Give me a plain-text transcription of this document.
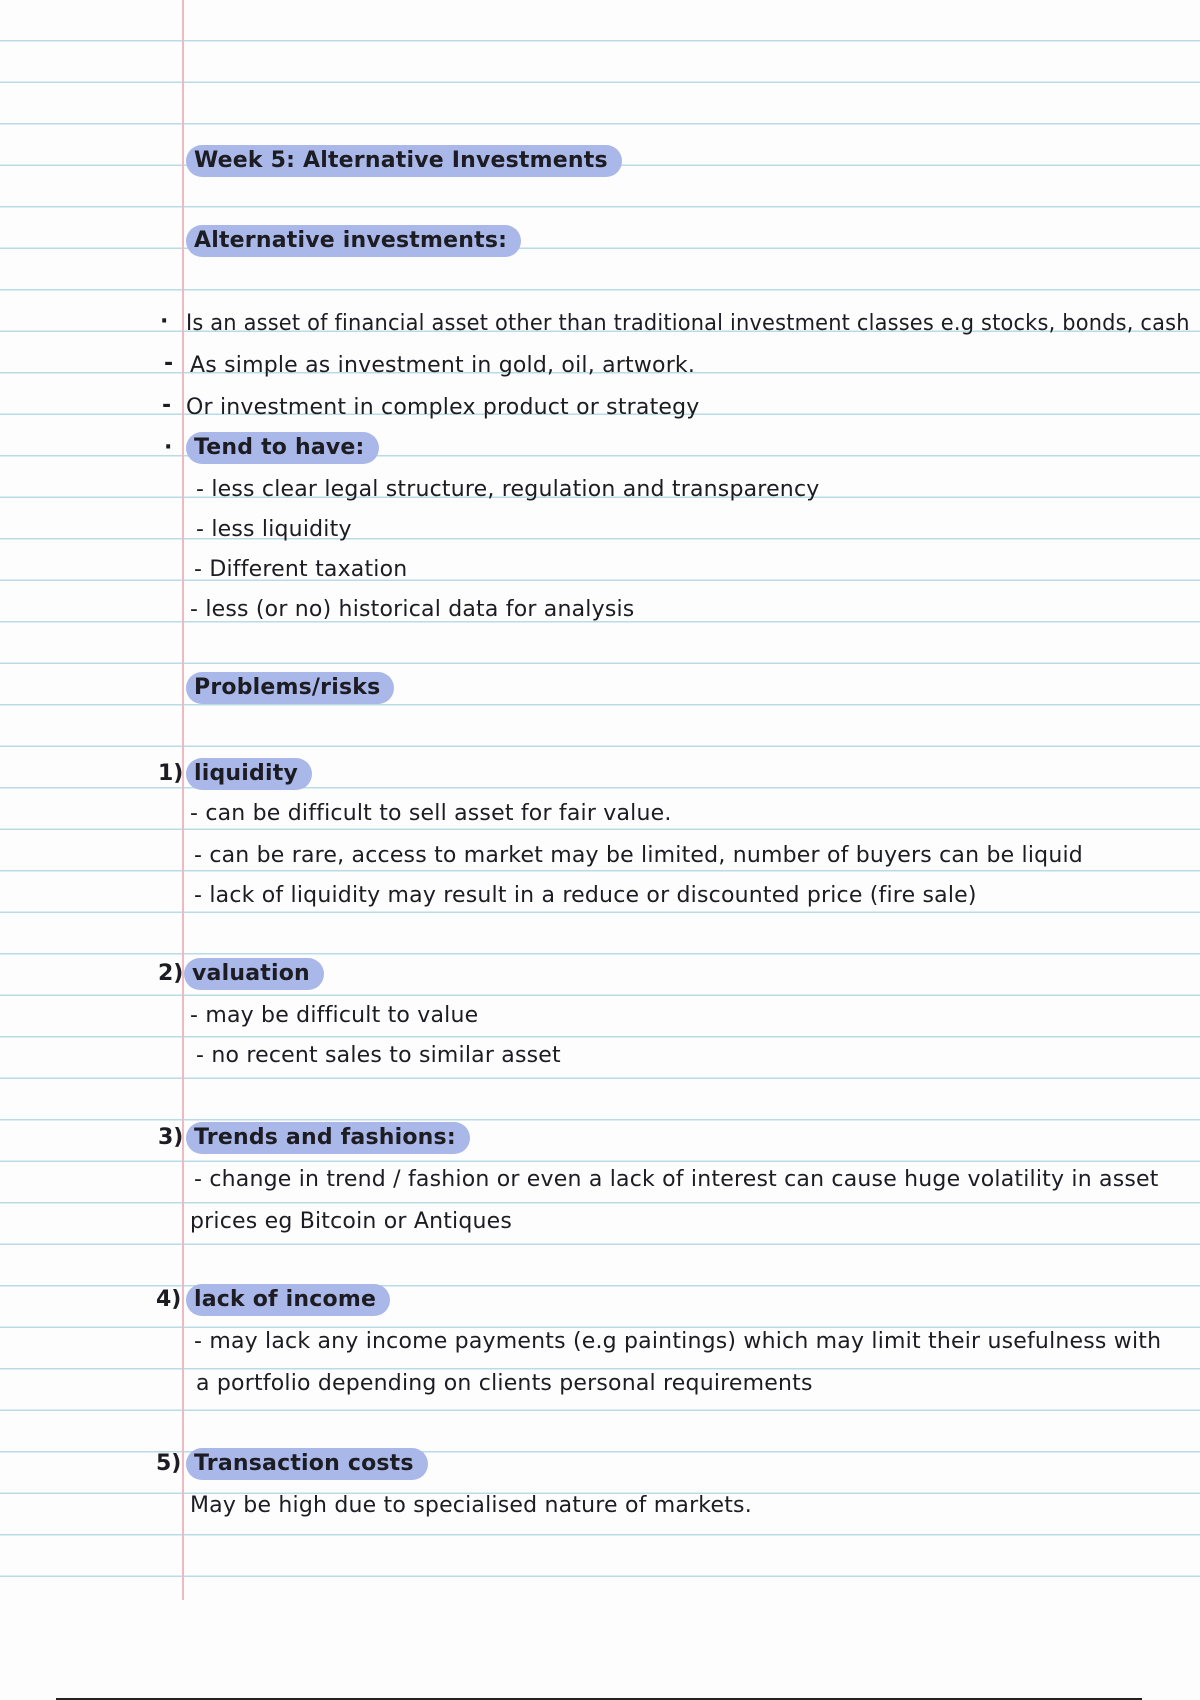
Week 5: Alternative Investments
Alternative investments:
· Is an asset of financial asset other than traditional investment classes e.g stocks, bonds, cash
- As simple as investment in gold, oil, artwork.
- Or investment in complex product or strategy
· Tend to have:
- less clear legal structure, regulation and transparency
- less liquidity
- Different taxation
- less (or no) historical data for analysis
Problems/risks
1) liquidity
- can be difficult to sell asset for fair value.
- can be rare, access to market may be limited, number of buyers can be liquid
- lack of liquidity may result in a reduce or discounted price (fire sale)
2) valuation
- may be difficult to value
- no recent sales to similar asset
3) Trends and fashions:
- change in trend / fashion or even a lack of interest can cause huge volatility in asset
prices eg Bitcoin or Antiques
4) lack of income
- may lack any income payments (e.g paintings) which may limit their usefulness with
a portfolio depending on clients personal requirements
5) Transaction costs
May be high due to specialised nature of markets.
